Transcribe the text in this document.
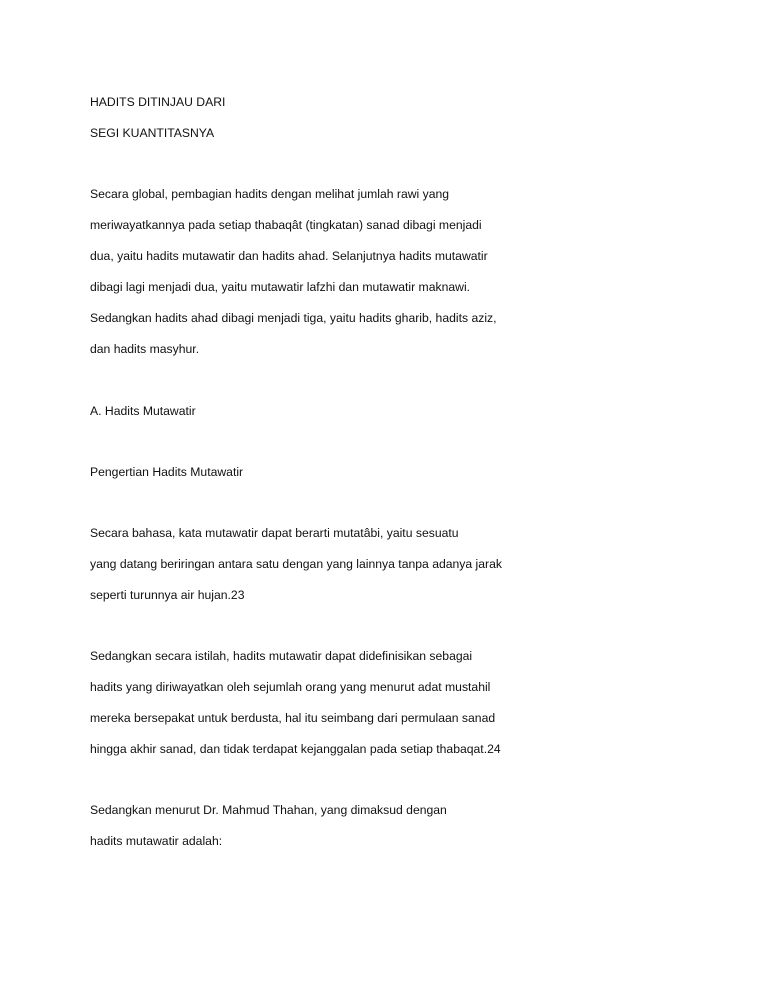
HADITS DITINJAU DARI

SEGI KUANTITASNYA

Secara global, pembagian hadits dengan melihat jumlah rawi yang

meriwayatkannya pada setiap thabaqât (tingkatan) sanad dibagi menjadi

dua, yaitu hadits mutawatir dan hadits ahad. Selanjutnya hadits mutawatir

dibagi lagi menjadi dua, yaitu mutawatir lafzhi dan mutawatir maknawi.

Sedangkan hadits ahad dibagi menjadi tiga, yaitu hadits gharib, hadits aziz,

dan hadits masyhur.

A. Hadits Mutawatir

Pengertian Hadits Mutawatir

Secara bahasa, kata mutawatir dapat berarti mutatâbi, yaitu sesuatu

yang datang beriringan antara satu dengan yang lainnya tanpa adanya jarak

seperti turunnya air hujan.23

Sedangkan secara istilah, hadits mutawatir dapat didefinisikan sebagai

hadits yang diriwayatkan oleh sejumlah orang yang menurut adat mustahil

mereka bersepakat untuk berdusta, hal itu seimbang dari permulaan sanad

hingga akhir sanad, dan tidak terdapat kejanggalan pada setiap thabaqat.24

Sedangkan menurut Dr. Mahmud Thahan, yang dimaksud dengan

hadits mutawatir adalah:
